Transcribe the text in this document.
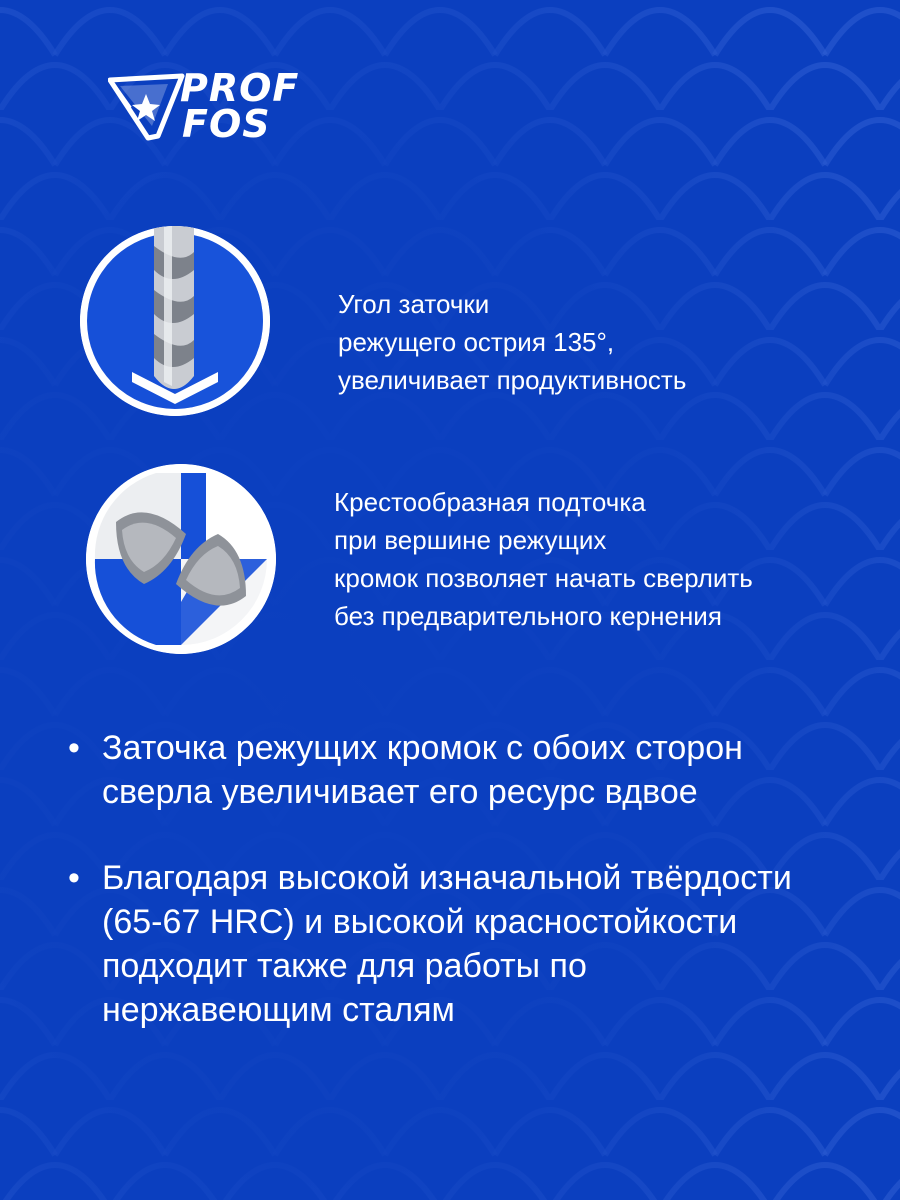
PROF
FOS
Угол заточки
режущего острия 135°,
увеличивает продуктивность
Крестообразная подточка
при вершине режущих
кромок позволяет начать сверлить
без предварительного кернения
• Заточка режущих кромок с обоих сторон
сверла увеличивает его ресурс вдвое
• Благодаря высокой изначальной твёрдости
(65-67 HRC) и высокой красностойкости
подходит также для работы по
нержавеющим сталям
